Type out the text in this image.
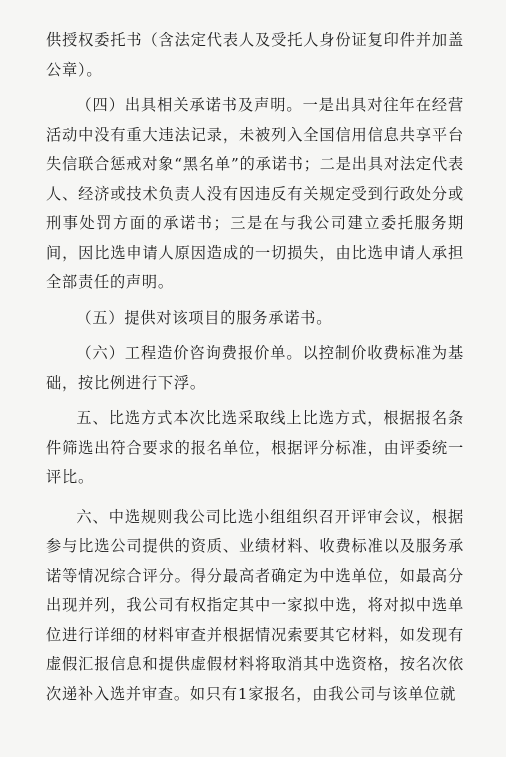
供授权委托书（含法定代表人及受托人身份证复印件并加盖公章）。

（四）出具相关承诺书及声明。一是出具对往年在经营活动中没有重大违法记录，未被列入全国信用信息共享平台失信联合惩戒对象“黑名单”的承诺书；二是出具对法定代表人、经济或技术负责人没有因违反有关规定受到行政处分或刑事处罚方面的承诺书；三是在与我公司建立委托服务期间，因比选申请人原因造成的一切损失，由比选申请人承担全部责任的声明。

（五）提供对该项目的服务承诺书。

（六）工程造价咨询费报价单。以控制价收费标准为基础，按比例进行下浮。

五、比选方式本次比选采取线上比选方式，根据报名条件筛选出符合要求的报名单位，根据评分标准，由评委统一评比。

六、中选规则我公司比选小组组织召开评审会议，根据参与比选公司提供的资质、业绩材料、收费标准以及服务承诺等情况综合评分。得分最高者确定为中选单位，如最高分出现并列，我公司有权指定其中一家拟中选，将对拟中选单位进行详细的材料审查并根据情况索要其它材料，如发现有虚假汇报信息和提供虚假材料将取消其中选资格，按名次依次递补入选并审查。如只有1家报名，由我公司与该单位就
